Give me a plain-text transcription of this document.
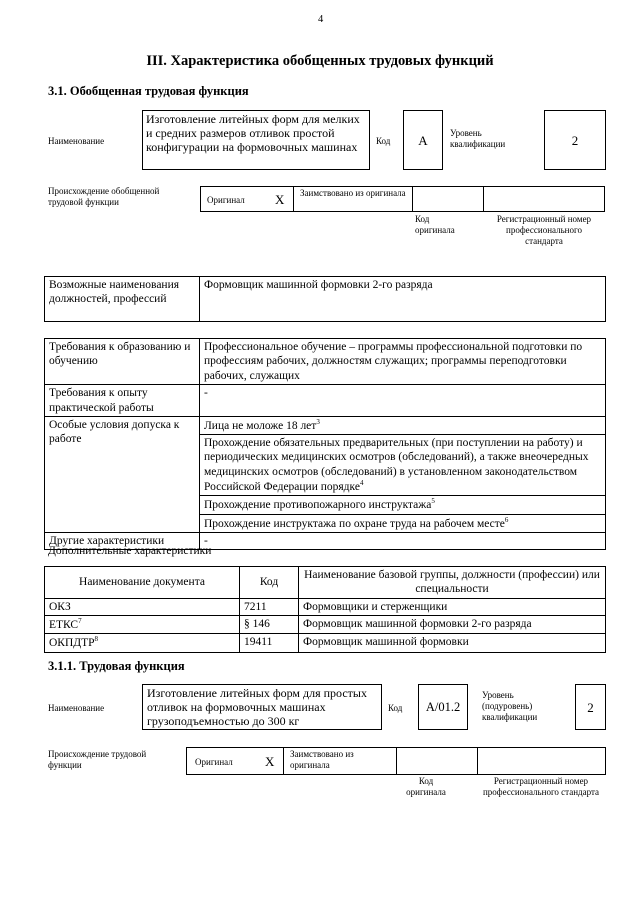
4
III. Характеристика обобщенных трудовых функций
3.1. Обобщенная трудовая функция
Наименование
Изготовление литейных форм для мелких и средних размеров отливок простой конфигурации на формовочных машинах	Код	А	Уровень квалификации	2
Происхождение обобщенной трудовой функции	Оригинал X Заимствовано из оригинала
Код оригинала
Регистрационный номер профессионального стандарта
Возможные наименования должностей, профессий	Формовщик машинной формовки 2-го разряда
Требования к образованию и обучению	Профессиональное обучение – программы профессиональной подготовки по профессиям рабочих, должностям служащих; программы переподготовки рабочих, служащих
Требования к опыту практической работы	-
Особые условия допуска к работе	Лица не моложе 18 лет$^3$
	Прохождение обязательных предварительных (при поступлении на работу) и периодических медицинских осмотров (обследований), а также внеочередных медицинских осмотров (обследований) в установленном законодательством Российской Федерации порядке$^4$
	Прохождение противопожарного инструктажа$^5$
	Прохождение инструктажа по охране труда на рабочем месте$^6$
Другие характеристики	-
Дополнительные характеристики
Наименование документа	Код	Наименование базовой группы, должности (профессии) или специальности
ОКЗ	7211	Формовщики и стерженщики
ЕТКС$^7$	§ 146	Формовщик машинной формовки 2-го разряда
ОКПДТР$^8$	19411	Формовщик машинной формовки
3.1.1. Трудовая функция
Наименование
Изготовление литейных форм для простых отливок на формовочных машинах грузоподъемностью до 300 кг
Код	A/01.2
Уровень (подуровень) квалификации
2
Происхождение трудовой функции	Оригинал X Заимствовано из оригинала
Код оригинала
Регистрационный номер профессионального стандарта
